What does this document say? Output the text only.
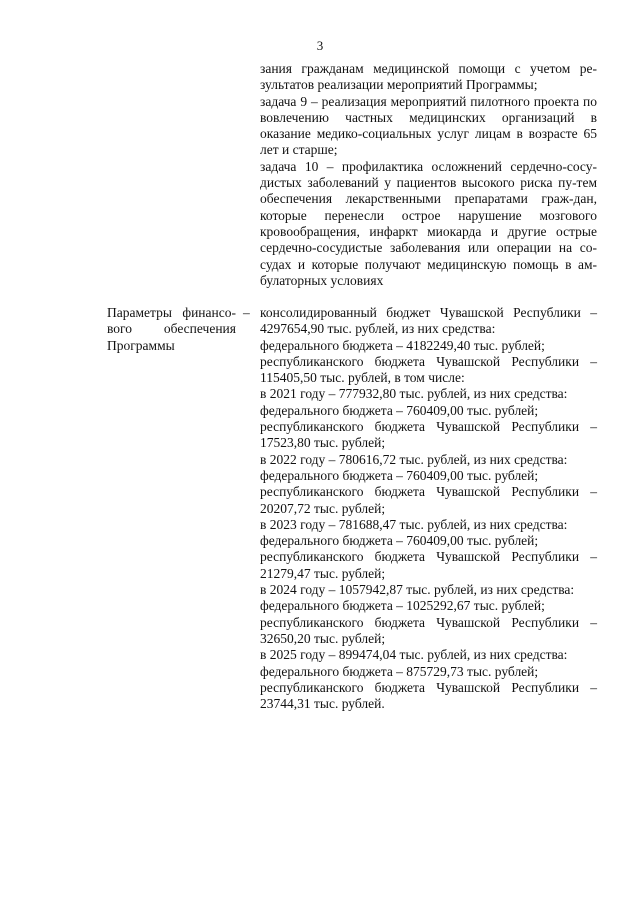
3

зания гражданам медицинской помощи с учетом ре-зультатов реализации мероприятий Программы;

задача 9 – реализация мероприятий пилотного проекта по вовлечению частных медицинских организаций в оказание медико-социальных услуг лицам в возрасте 65 лет и старше;

задача 10 – профилактика осложнений сердечно-сосу-дистых заболеваний у пациентов высокого риска пу-тем обеспечения лекарственными препаратами граж-дан, которые перенесли острое нарушение мозгового кровообращения, инфаркт миокарда и другие острые сердечно-сосудистые заболевания или операции на со-судах и которые получают медицинскую помощь в ам-булаторных условиях

Параметры финансо-вого обеспечения Программы
– консолидированный бюджет Чувашской Республики – 4297654,90 тыс. рублей, из них средства:

федерального бюджета – 4182249,40 тыс. рублей;

республиканского бюджета Чувашской Республики – 115405,50 тыс. рублей, в том числе:

в 2021 году – 777932,80 тыс. рублей, из них средства:

федерального бюджета – 760409,00 тыс. рублей;

республиканского бюджета Чувашской Республики – 17523,80 тыс. рублей;

в 2022 году – 780616,72 тыс. рублей, из них средства:

федерального бюджета – 760409,00 тыс. рублей;

республиканского бюджета Чувашской Республики – 20207,72 тыс. рублей;

в 2023 году – 781688,47 тыс. рублей, из них средства:

федерального бюджета – 760409,00 тыс. рублей;

республиканского бюджета Чувашской Республики – 21279,47 тыс. рублей;

в 2024 году – 1057942,87 тыс. рублей, из них средства:

федерального бюджета – 1025292,67 тыс. рублей;

республиканского бюджета Чувашской Республики – 32650,20 тыс. рублей;

в 2025 году – 899474,04 тыс. рублей, из них средства:

федерального бюджета – 875729,73 тыс. рублей;

республиканского бюджета Чувашской Республики – 23744,31 тыс. рублей.
